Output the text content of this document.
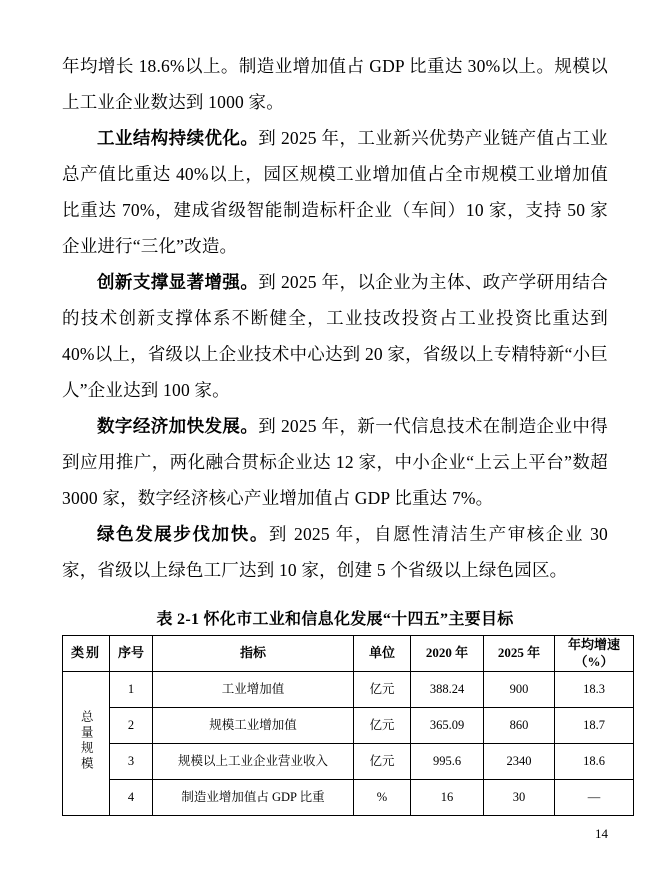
年均增长 18.6%以上。制造业增加值占 GDP 比重达 30%以上。规模以上工业企业数达到 1000 家。

工业结构持续优化。到 2025 年，工业新兴优势产业链产值占工业总产值比重达 40%以上，园区规模工业增加值占全市规模工业增加值比重达 70%，建成省级智能制造标杆企业（车间）10 家，支持 50 家企业进行“三化”改造。

创新支撑显著增强。到 2025 年，以企业为主体、政产学研用结合的技术创新支撑体系不断健全，工业技改投资占工业投资比重达到 40%以上，省级以上企业技术中心达到 20 家，省级以上专精特新“小巨人”企业达到 100 家。

数字经济加快发展。到 2025 年，新一代信息技术在制造企业中得到应用推广，两化融合贯标企业达 12 家，中小企业“上云上平台”数超 3000 家，数字经济核心产业增加值占 GDP 比重达 7%。

绿色发展步伐加快。到 2025 年，自愿性清洁生产审核企业 30 家，省级以上绿色工厂达到 10 家，创建 5 个省级以上绿色园区。

表 2-1 怀化市工业和信息化发展“十四五”主要目标
类别	序号	指标	单位	2020 年	2025 年	年均增速（%）
总量规模	1	工业增加值	亿元	388.24	900	18.3
	2	规模工业增加值	亿元	365.09	860	18.7
	3	规模以上工业企业营业收入	亿元	995.6	2340	18.6
	4	制造业增加值占 GDP 比重	%	16	30	—
14
